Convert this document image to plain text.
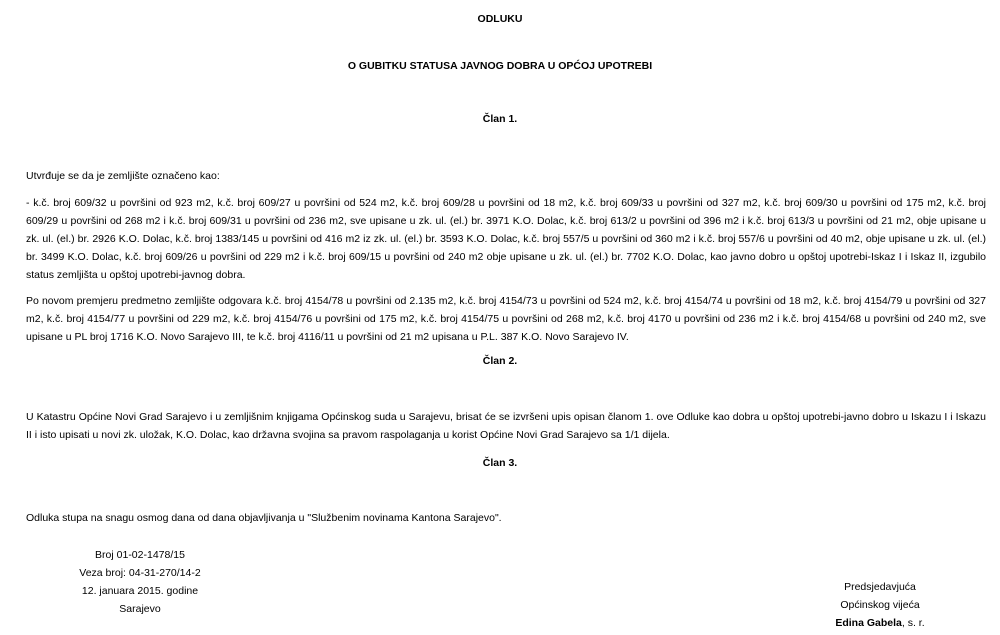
ODLUKU
O GUBITKU STATUSA JAVNOG DOBRA U OPĆOJ UPOTREBI
Član 1.
Utvrđuje se da je zemljište označeno kao:
- k.č. broj 609/32 u površini od 923 m2, k.č. broj 609/27 u površini od 524 m2, k.č. broj 609/28 u površini od 18 m2, k.č. broj 609/33 u površini od 327 m2, k.č. broj 609/30 u površini od 175 m2, k.č. broj 609/29 u površini od 268 m2 i k.č. broj 609/31 u površini od 236 m2, sve upisane u zk. ul. (el.) br. 3971 K.O. Dolac, k.č. broj 613/2 u površini od 396 m2 i k.č. broj 613/3 u površini od 21 m2, obje upisane u zk. ul. (el.) br. 2926 K.O. Dolac, k.č. broj 1383/145 u površini od 416 m2 iz zk. ul. (el.) br. 3593 K.O. Dolac, k.č. broj 557/5 u površini od 360 m2 i k.č. broj 557/6 u površini od 40 m2, obje upisane u zk. ul. (el.) br. 3499 K.O. Dolac, k.č. broj 609/26 u površini od 229 m2 i k.č. broj 609/15 u površini od 240 m2 obje upisane u zk. ul. (el.) br. 7702 K.O. Dolac, kao javno dobro u opštoj upotrebi-Iskaz I i Iskaz II, izgubilo status zemljišta u opštoj upotrebi-javnog dobra.
Po novom premjeru predmetno zemljište odgovara k.č. broj 4154/78 u površini od 2.135 m2, k.č. broj 4154/73 u površini od 524 m2, k.č. broj 4154/74 u površini od 18 m2, k.č. broj 4154/79 u površini od 327 m2, k.č. broj 4154/77 u površini od 229 m2, k.č. broj 4154/76 u površini od 175 m2, k.č. broj 4154/75 u površini od 268 m2, k.č. broj 4170 u površini od 236 m2 i k.č. broj 4154/68 u površini od 240 m2, sve upisane u PL broj 1716 K.O. Novo Sarajevo III, te k.č. broj 4116/11 u površini od 21 m2 upisana u P.L. 387 K.O. Novo Sarajevo IV.
Član 2.
U Katastru Općine Novi Grad Sarajevo i u zemljišnim knjigama Općinskog suda u Sarajevu, brisat će se izvršeni upis opisan članom 1. ove Odluke kao dobra u opštoj upotrebi-javno dobro u Iskazu I i Iskazu II i isto upisati u novi zk. uložak, K.O. Dolac, kao državna svojina sa pravom raspolaganja u korist Općine Novi Grad Sarajevo sa 1/1 dijela.
Član 3.
Odluka stupa na snagu osmog dana od dana objavljivanja u "Službenim novinama Kantona Sarajevo".
Broj 01-02-1478/15
Veza broj: 04-31-270/14-2
12. januara 2015. godine
Sarajevo
Predsjedavjuća
Općinskog vijeća
Edina Gabela, s. r.
